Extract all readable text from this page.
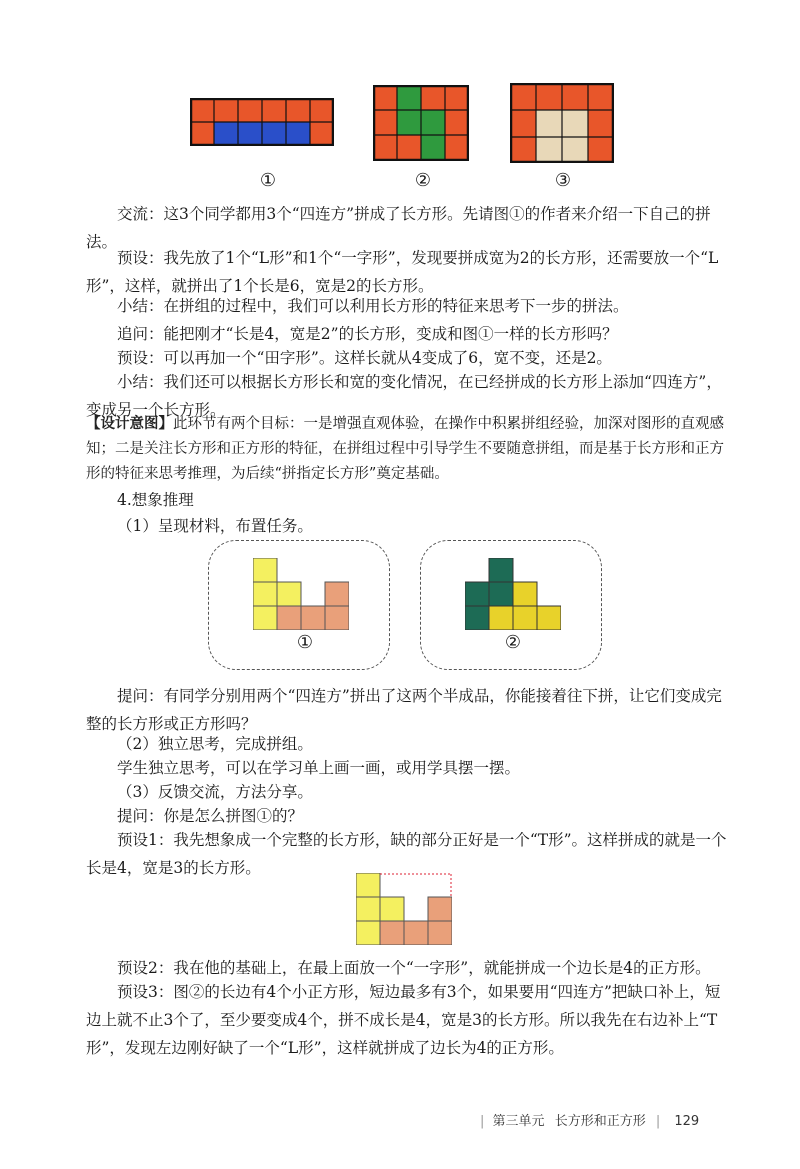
①	②	③
交流：这3个同学都用3个“四连方”拼成了长方形。先请图①的作者来介绍一下自己的拼法。
预设：我先放了1个“L形”和1个“一字形”，发现要拼成宽为2的长方形，还需要放一个“L形”，这样，就拼出了1个长是6，宽是2的长方形。
小结：在拼组的过程中，我们可以利用长方形的特征来思考下一步的拼法。
追问：能把刚才“长是4，宽是2”的长方形，变成和图①一样的长方形吗？
预设：可以再加一个“田字形”。这样长就从4变成了6，宽不变，还是2。
小结：我们还可以根据长方形长和宽的变化情况，在已经拼成的长方形上添加“四连方”，变成另一个长方形。
【设计意图】此环节有两个目标：一是增强直观体验，在操作中积累拼组经验，加深对图形的直观感知；二是关注长方形和正方形的特征，在拼组过程中引导学生不要随意拼组，而是基于长方形和正方形的特征来思考推理，为后续“拼指定长方形”奠定基础。
4.想象推理
（1）呈现材料，布置任务。
①	②
提问：有同学分别用两个“四连方”拼出了这两个半成品，你能接着往下拼，让它们变成完整的长方形或正方形吗？
（2）独立思考，完成拼组。
学生独立思考，可以在学习单上画一画，或用学具摆一摆。
（3）反馈交流，方法分享。
提问：你是怎么拼图①的？
预设1：我先想象成一个完整的长方形，缺的部分正好是一个“T形”。这样拼成的就是一个长是4，宽是3的长方形。
预设2：我在他的基础上，在最上面放一个“一字形”，就能拼成一个边长是4的正方形。
预设3：图②的长边有4个小正方形，短边最多有3个，如果要用“四连方”把缺口补上，短边上就不止3个了，至少要变成4个，拼不成长是4，宽是3的长方形。所以我先在右边补上“T形”，发现左边刚好缺了一个“L形”，这样就拼成了边长为4的正方形。
| 第三单元 长方形和正方形 | 129
